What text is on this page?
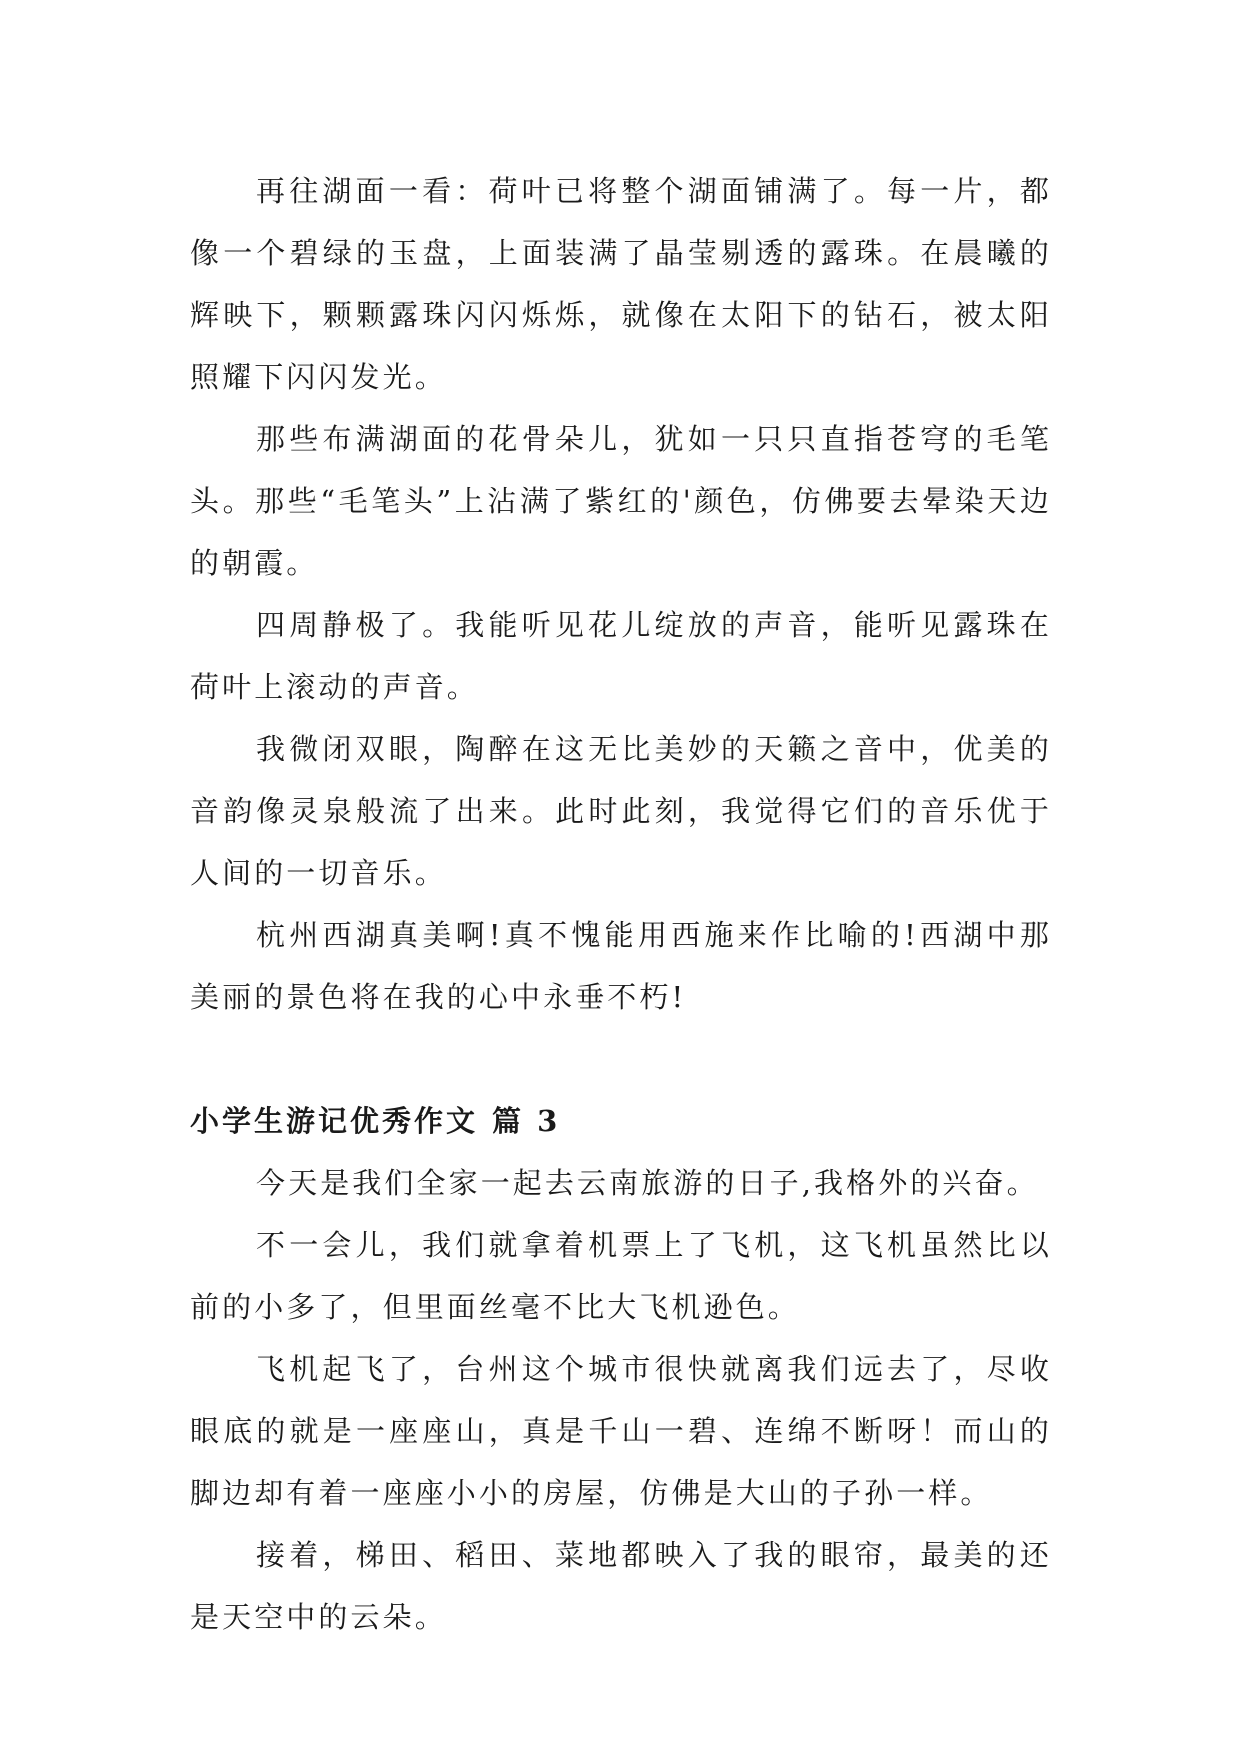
再往湖面一看：荷叶已将整个湖面铺满了。每一片，都像一个碧绿的玉盘，上面装满了晶莹剔透的露珠。在晨曦的辉映下，颗颗露珠闪闪烁烁，就像在太阳下的钻石，被太阳照耀下闪闪发光。

那些布满湖面的花骨朵儿，犹如一只只直指苍穹的毛笔头。那些“毛笔头”上沾满了紫红的'颜色，仿佛要去晕染天边的朝霞。

四周静极了。我能听见花儿绽放的声音，能听见露珠在荷叶上滚动的声音。

我微闭双眼，陶醉在这无比美妙的天籁之音中，优美的音韵像灵泉般流了出来。此时此刻，我觉得它们的音乐优于人间的一切音乐。

杭州西湖真美啊!真不愧能用西施来作比喻的!西湖中那美丽的景色将在我的心中永垂不朽!

小学生游记优秀作文 篇 3

今天是我们全家一起去云南旅游的日子,我格外的兴奋。

不一会儿，我们就拿着机票上了飞机，这飞机虽然比以前的小多了，但里面丝毫不比大飞机逊色。

飞机起飞了，台州这个城市很快就离我们远去了，尽收眼底的就是一座座山，真是千山一碧、连绵不断呀！而山的脚边却有着一座座小小的房屋，仿佛是大山的子孙一样。

接着，梯田、稻田、菜地都映入了我的眼帘，最美的还是天空中的云朵。
